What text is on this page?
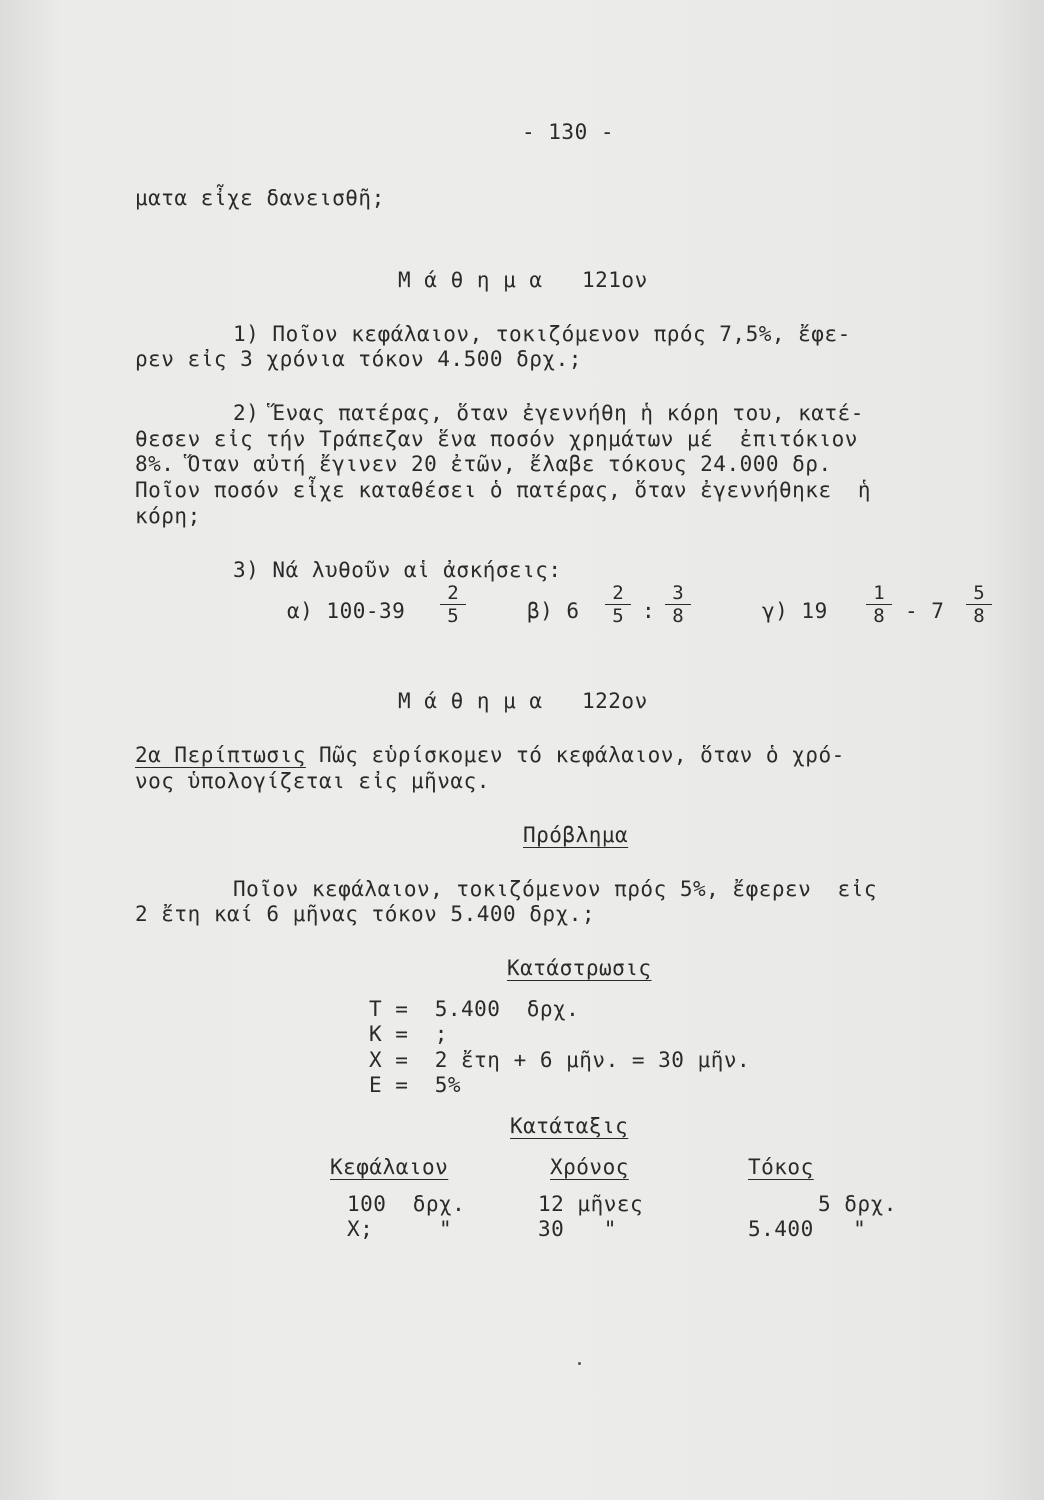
- 130 -
ματα εἶχε δανεισθῆ;
Μ ά θ η μ α   121ον
1) Ποῖον κεφάλαιον, τοκιζόμενον πρός 7,5%, ἔφε-
ρεν εἰς 3 χρόνια τόκον 4.500 δρχ.;
2) Ἕνας πατέρας, ὅταν ἐγεννήθη ἡ κόρη του, κατέ-
θεσεν εἰς τήν Τράπεζαν ἕνα ποσόν χρημάτων μέ  ἐπιτόκιον
8%. Ὅταν αὐτή ἔγινεν 20 ἐτῶν, ἔλαβε τόκους 24.000 δρ.
Ποῖον ποσόν εἶχε καταθέσει ὁ πατέρας, ὅταν ἐγεννήθηκε  ἡ
κόρη;
3) Νά λυθοῦν αἱ ἀσκήσεις:
α) $100-39 \frac{2}{5}$	β) $6 \frac{2}{5}$ : $\frac{3}{8}$	γ) $19 \frac{1}{8} - 7 \frac{5}{8}$
Μ ά θ η μ α   122ον
2α Περίπτωσις Πῶς εὑρίσκομεν τό κεφάλαιον, ὅταν ὁ χρό-
νος ὑπολογίζεται εἰς μῆνας.
Πρόβλημα
Ποῖον κεφάλαιον, τοκιζόμενον πρός 5%, ἔφερεν  εἰς
2 ἔτη καί 6 μῆνας τόκον 5.400 δρχ.;
Κατάστρωσις
T =  5.400  δρχ.
K =  ;
X =  2 ἔτη + 6 μῆν. = 30 μῆν.
E =  5%
Κατάταξις
Κεφάλαιον	Χρόνος	Τόκος
100  δρχ.	12 μῆνες	5 δρχ.
X;     "	30   "	5.400   "
